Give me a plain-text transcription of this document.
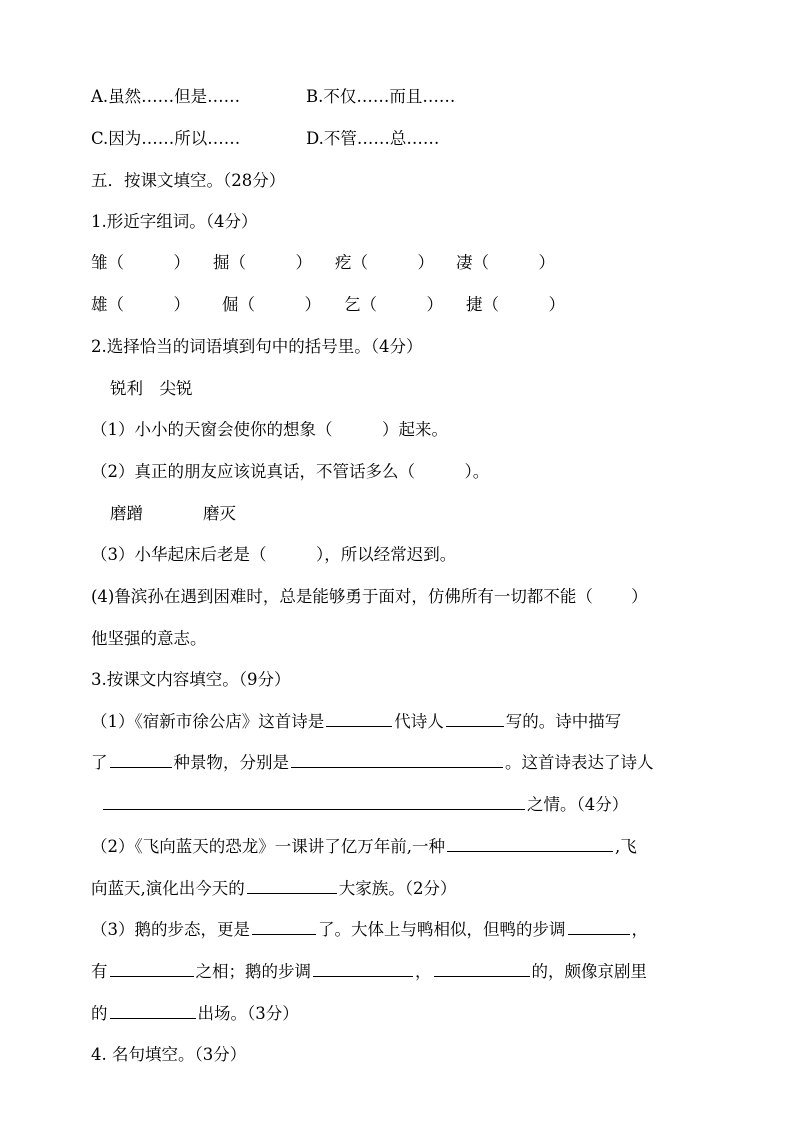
A.虽然……但是……	B.不仅……而且……
C.因为……所以……	D.不管……总……
五．按课文填空。（28分）
1.形近字组词。（4分）
雏（　　　） 掘（　　　） 疙（　　　） 凄（　　　）
雄（　　　） 倔（　　　） 乞（　　　） 捷（　　　）
2.选择恰当的词语填到句中的括号里。（4分）
锐利　尖锐
（1）小小的天窗会使你的想象（　　　	）起来。
（2）真正的朋友应该说真话，不管话多么（　　　	）。
磨蹭	磨灭
（3）小华起床后老是（　　　	），所以经常迟到。
(4)鲁滨孙在遇到困难时，总是能够勇于面对，仿佛所有一切都不能（　　 ）
他坚强的意志。
3.按课文内容填空。（9分）
（1）《宿新市徐公店》这首诗是	代诗人	写的。诗中描写
了	种景物，分别是	。这首诗表达了诗人
之情。（4分）
（2）《飞向蓝天的恐龙》一课讲了亿万年前,一种	,飞
向蓝天,演化出今天的	大家族。（2分）
（3）鹅的步态，更是	了。大体上与鸭相似，但鸭的步调	，
有	之相；鹅的步调	，	的，颇像京剧里
的	出场。（3分）
4. 名句填空。（3分）
